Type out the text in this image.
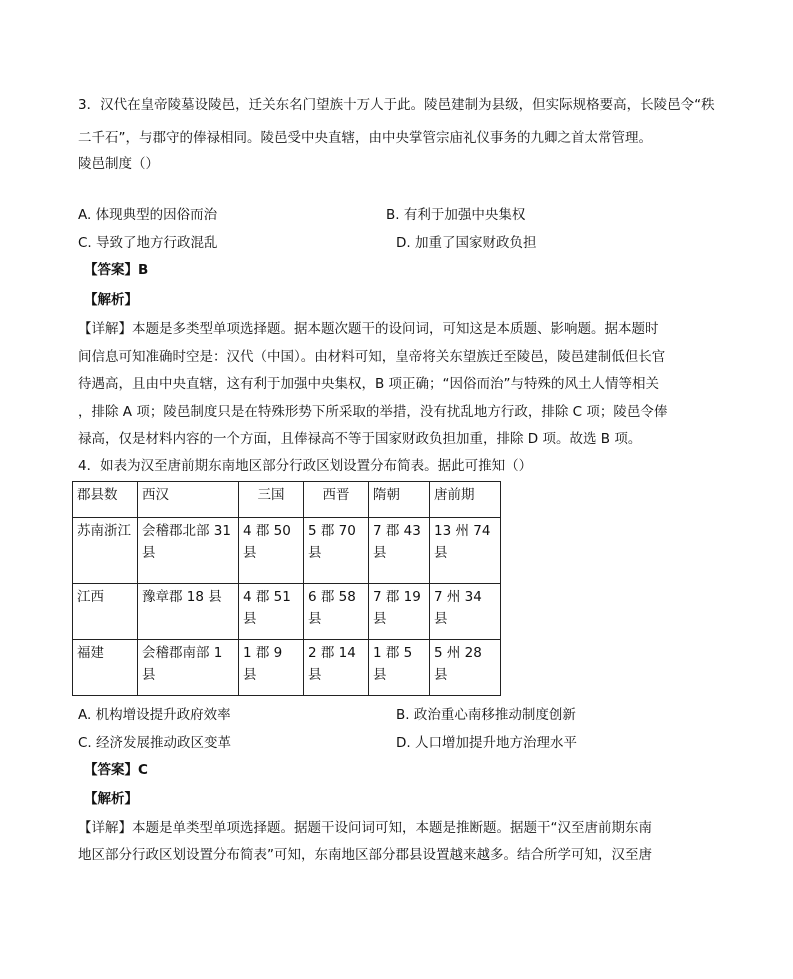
3．汉代在皇帝陵墓设陵邑，迁关东名门望族十万人于此。陵邑建制为县级，但实际规格要高，长陵邑令“秩
二千石”，与郡守的俸禄相同。陵邑受中央直辖，由中央掌管宗庙礼仪事务的九卿之首太常管理。
陵邑制度（）
A. 体现典型的因俗而治	B. 有利于加强中央集权
C. 导致了地方行政混乱	D. 加重了国家财政负担
【答案】B
【解析】
【详解】本题是多类型单项选择题。据本题次题干的设问词，可知这是本质题、影响题。据本题时
间信息可知准确时空是：汉代（中国）。由材料可知，皇帝将关东望族迁至陵邑，陵邑建制低但长官
待遇高，且由中央直辖，这有利于加强中央集权，B 项正确；“因俗而治”与特殊的风土人情等相关
，排除 A 项；陵邑制度只是在特殊形势下所采取的举措，没有扰乱地方行政，排除 C 项；陵邑令俸
禄高，仅是材料内容的一个方面，且俸禄高不等于国家财政负担加重，排除 D 项。故选 B 项。
4．如表为汉至唐前期东南地区部分行政区划设置分布简表。据此可推知（）
郡县数	西汉	三国	西晋	隋朝	唐前期
苏南浙江	会稽郡北部 31 县	4 郡 50 县	5 郡 70 县	7 郡 43 县	13 州 74 县
江西	豫章郡 18 县	4 郡 51 县	6 郡 58 县	7 郡 19 县	7 州 34 县
福建	会稽郡南部 1 县	1 郡 9 县	2 郡 14 县	1 郡 5 县	5 州 28 县
A. 机构增设提升政府效率	B. 政治重心南移推动制度创新
C. 经济发展推动政区变革	D. 人口增加提升地方治理水平
【答案】C
【解析】
【详解】本题是单类型单项选择题。据题干设问词可知，本题是推断题。据题干“汉至唐前期东南
地区部分行政区划设置分布简表”可知，东南地区部分郡县设置越来越多。结合所学可知，汉至唐
